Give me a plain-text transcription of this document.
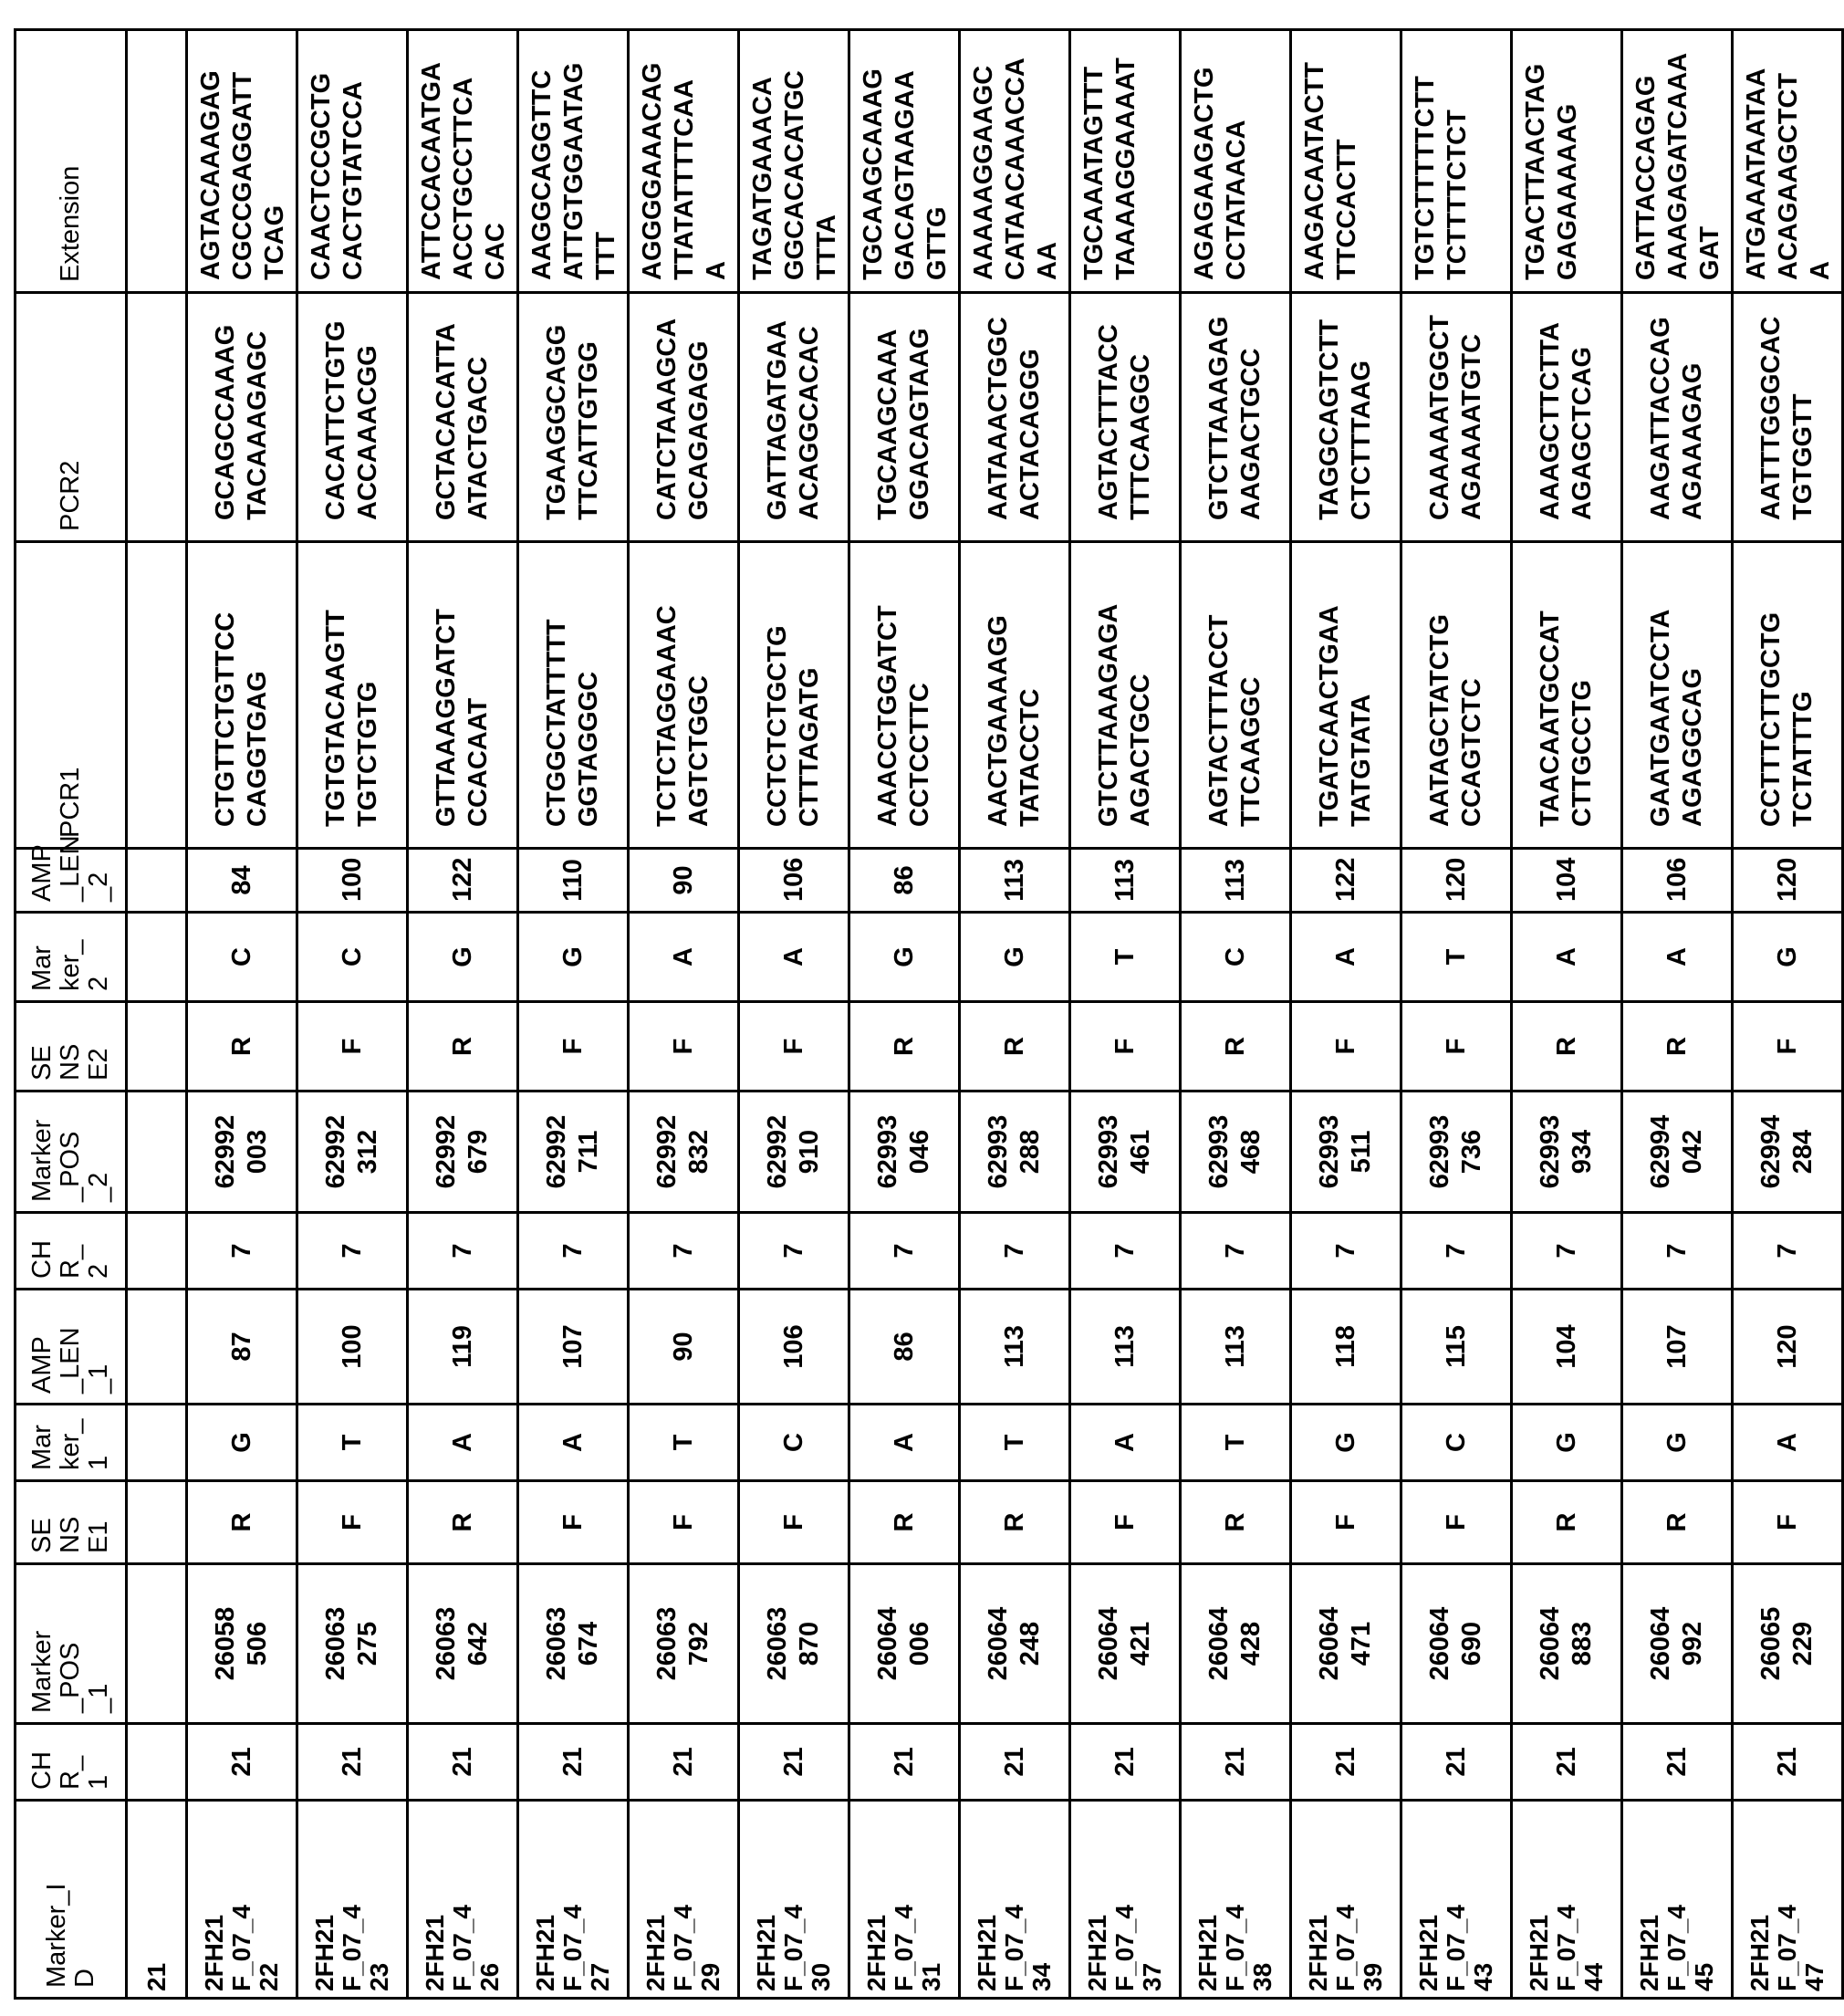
Marker_I
D	CH
R_
1	Marker
_POS
_1	SE
NS
E1	Mar
ker_
1	AMP
_LEN
_1	CH
R_
2	Marker
_POS
_2	SE
NS
E2	Mar
ker_
2	AMP
_LEN
_2	PCR1	PCR2	Extension
21													2FH21
F_07_4
22	21	26058
506	R	G	87	7	62992
003	R	C	84	CTGTTCTGTTCC
CAGGTGAG	GCAGCCAAAG
TACAAAGAGC	AGTACAAAGAG
CGCCGAGGATT
TCAG
2FH21
F_07_4
23	21	26063
275	F	T	100	7	62992
312	F	C	100	TGTGTACAAGTT
TGTCTGTG	CACATTCTGTG
ACCAAACGG	CAACTCCGCTG
CACTGTATCCA
2FH21
F_07_4
26	21	26063
642	R	A	119	7	62992
679	R	G	122	GTTAAAGGATCT
CCACAAT	GCTACACATTA
ATACTGACC	ATTCCACAATGA
ACCTGCCTTCA
CAC
2FH21
F_07_4
27	21	26063
674	F	A	107	7	62992
711	F	G	110	CTGGCTATTTTT
GGTAGGGC	TGAAGGCAGG
TTCATTGTGG	AAGGCAGGTTC
ATTGTGGAATAG
TTT
2FH21
F_07_4
29	21	26063
792	F	T	90	7	62992
832	F	A	90	TCTCTAGGAAAC
AGTCTGGC	CATCTAAAGCA
GCAGAGAGG	AGGGGAAACAG
TTATATTTTCAA
A
2FH21
F_07_4
30	21	26063
870	F	C	106	7	62992
910	F	A	106	CCTCTCTGCTG
CTTTAGATG	GATTAGATGAA
ACAGGCACAC	TAGATGAAACA
GGCACACATGC
TTTA
2FH21
F_07_4
31	21	26064
006	R	A	86	7	62993
046	R	G	86	AAACCTGGATCT
CCTCCTTC	TGCAAGCAAA
GGACAGTAAG	TGCAAGCAAAG
GACAGTAAGAA
GTTG
2FH21
F_07_4
34	21	26064
248	R	T	113	7	62993
288	R	G	113	AACTGAAAAGG
TATACCTC	AATAAACTGGC
ACTACAGGG	AAAAAGGAAGC
CATAACAAACCA
AA
2FH21
F_07_4
37	21	26064
421	F	A	113	7	62993
461	F	T	113	GTCTTAAAGAGA
AGACTGCC	AGTACTTTACC
TTTCAAGGC	TGCAAATAGTTT
TAAAAGGAAAAT
2FH21
F_07_4
38	21	26064
428	R	T	113	7	62993
468	R	C	113	AGTACTTTACCT
TTCAAGGC	GTCTTAAAGAG
AAGACTGCC	AGAGAAGACTG
CCTATAACA
2FH21
F_07_4
39	21	26064
471	F	G	118	7	62993
511	F	A	122	TGATCAACTGAA
TATGTATA	TAGGCAGTCTT
CTCTTTAAG	AAGACAATACTT
TTCCACTT
2FH21
F_07_4
43	21	26064
690	F	C	115	7	62993
736	F	T	120	AATAGCTATCTG
CCAGTCTC	CAAAAATGGCT
AGAAAATGTC	TGTCTTTTTCTT
TCTTTTCTCT
2FH21
F_07_4
44	21	26064
883	R	G	104	7	62993
934	R	A	104	TAACAATGCCAT
CTTGCCTG	AAAGCTTCTTA
AGAGCTCAG	TGACTTAACTAG
GAGAAAAAG
2FH21
F_07_4
45	21	26064
992	R	G	107	7	62994
042	R	A	106	GAATGAATCCTA
AGAGGCAG	AAGATTACCAG
AGAAAGAG	GATTACCAGAG
AAAGAGATCAAA
GAT
2FH21
F_07_4
47	21	26065
229	F	A	120	7	62994
284	F	G	120	CCTTTCTTGCTG
TCTATTTG	AATTTGGGCAC
TGTGGTT	ATGAAATAATAA
ACAGAAGCTCT
A
